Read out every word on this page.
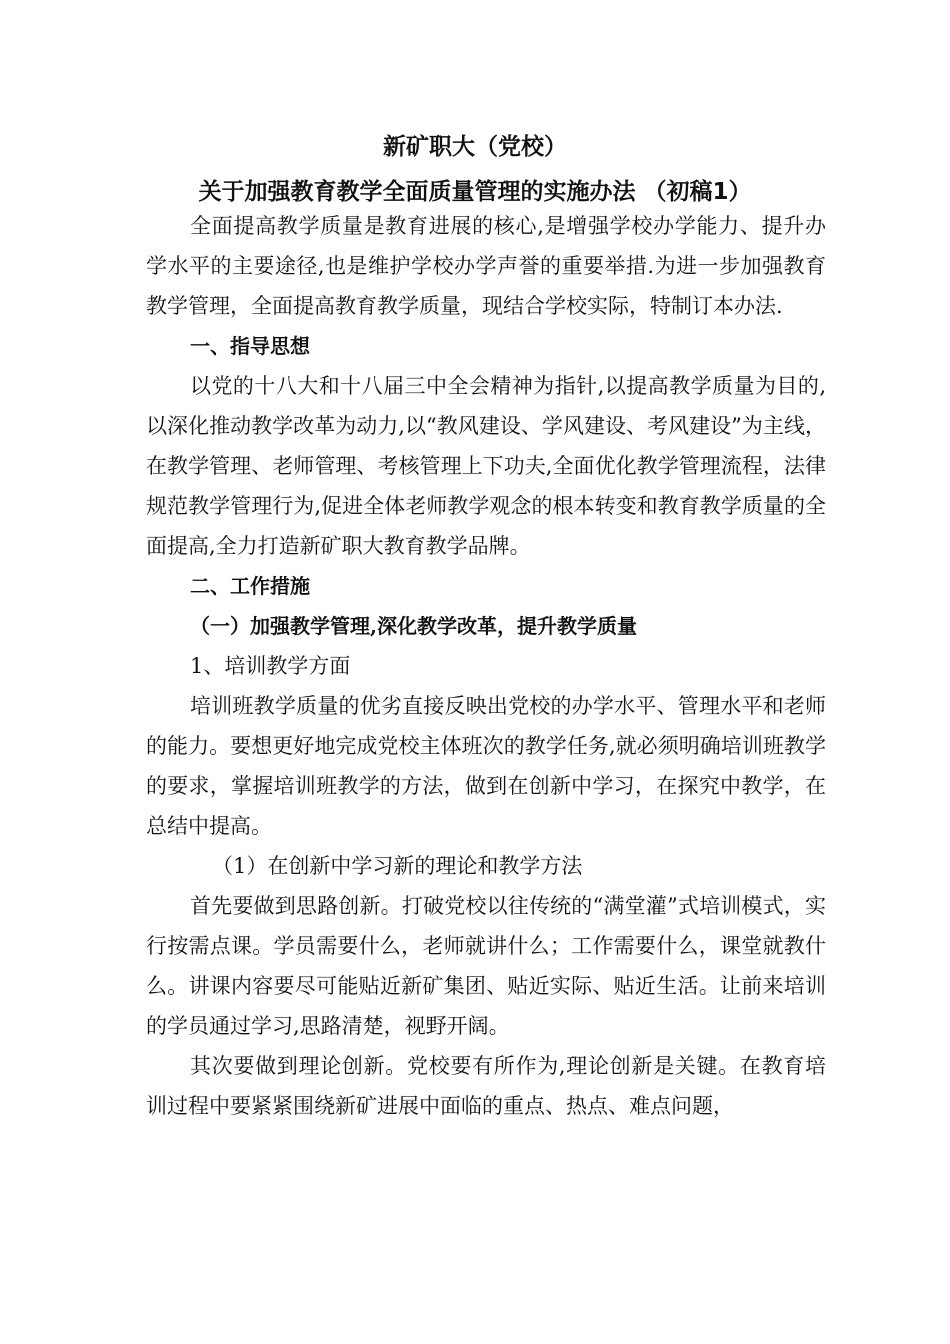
新矿职大（党校）
关于加强教育教学全面质量管理的实施办法 （初稿1）

全面提高教学质量是教育进展的核心,是增强学校办学能力、提升办学水平的主要途径,也是维护学校办学声誉的重要举措.为进一步加强教育教学管理，全面提高教育教学质量，现结合学校实际，特制订本办法.

一、指导思想

以党的十八大和十八届三中全会精神为指针,以提高教学质量为目的,以深化推动教学改革为动力,以“教风建设、学风建设、考风建设”为主线，在教学管理、老师管理、考核管理上下功夫,全面优化教学管理流程，法律规范教学管理行为,促进全体老师教学观念的根本转变和教育教学质量的全面提高,全力打造新矿职大教育教学品牌。

二、工作措施

（一）加强教学管理,深化教学改革，提升教学质量

1、培训教学方面

培训班教学质量的优劣直接反映出党校的办学水平、管理水平和老师的能力。要想更好地完成党校主体班次的教学任务,就必须明确培训班教学的要求，掌握培训班教学的方法，做到在创新中学习，在探究中教学，在总结中提高。

（1）在创新中学习新的理论和教学方法

首先要做到思路创新。打破党校以往传统的“满堂灌”式培训模式，实行按需点课。学员需要什么，老师就讲什么；工作需要什么，课堂就教什么。讲课内容要尽可能贴近新矿集团、贴近实际、贴近生活。让前来培训的学员通过学习,思路清楚，视野开阔。

其次要做到理论创新。党校要有所作为,理论创新是关键。在教育培训过程中要紧紧围绕新矿进展中面临的重点、热点、难点问题，
